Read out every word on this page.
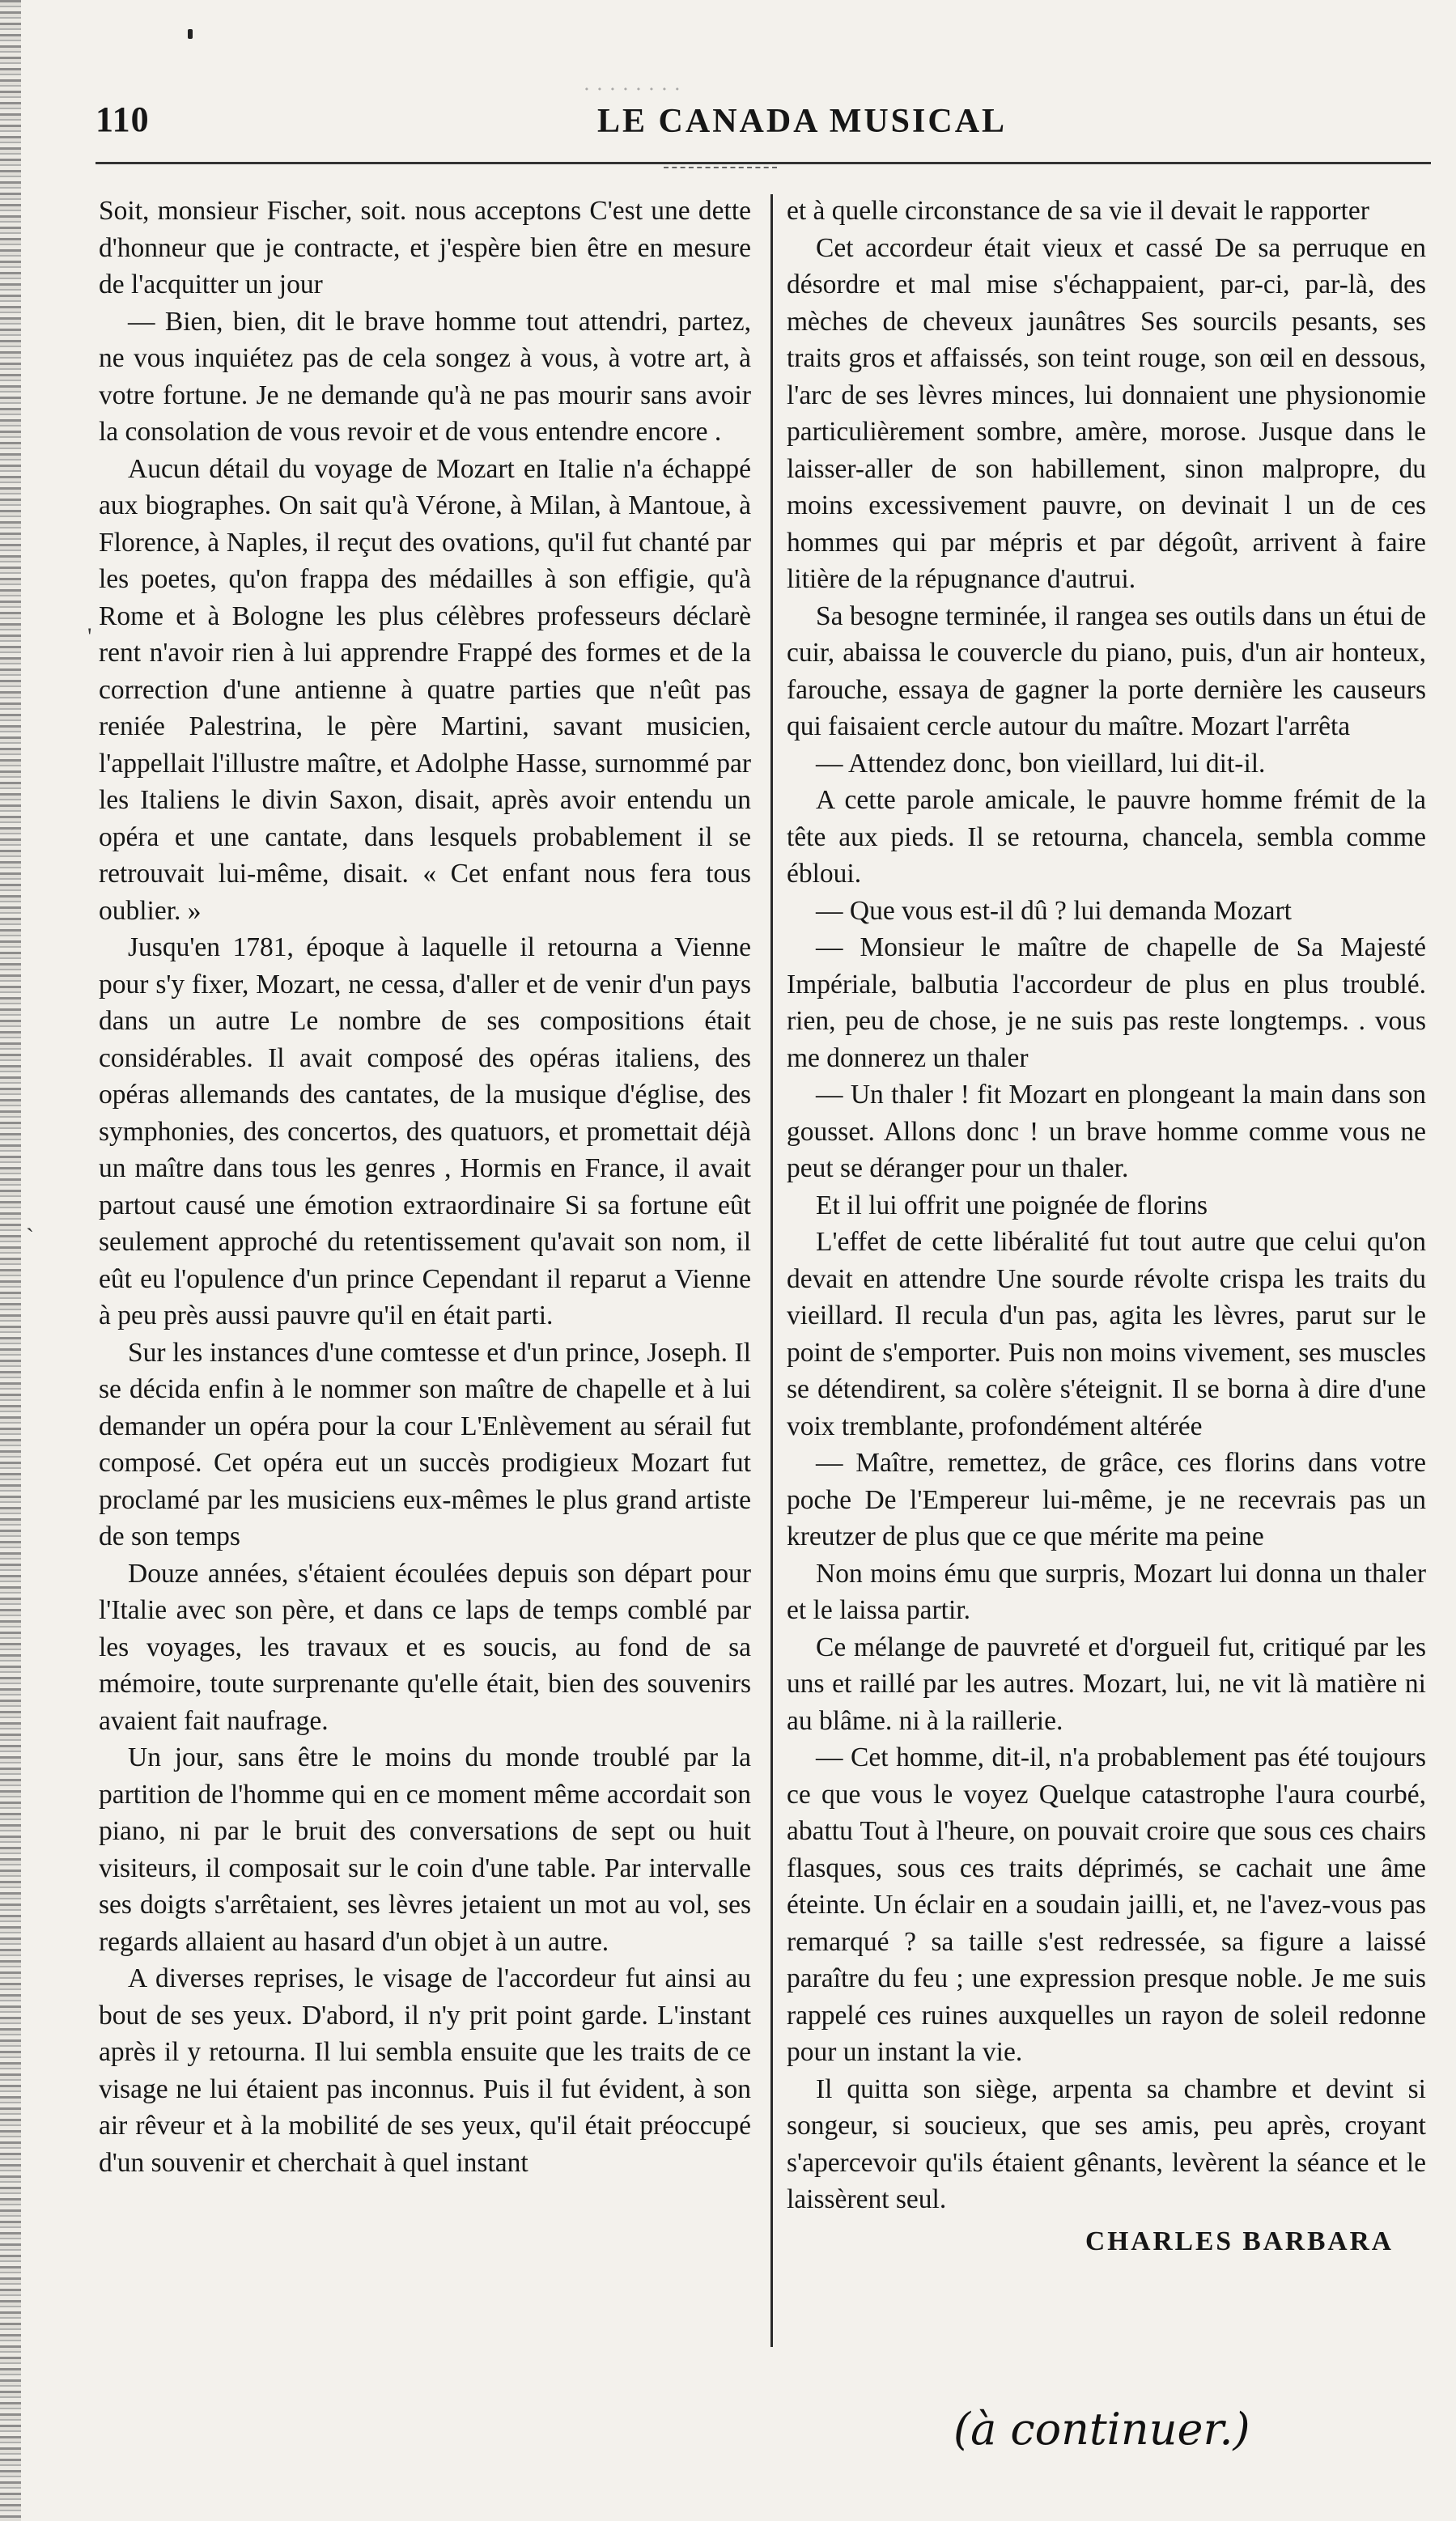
'
`
110
˙˙˙˙˙˙˙˙
LE CANADA MUSICAL

Soit, monsieur Fischer, soit. nous acceptons C'est une dette d'honneur que je contracte, et j'espère bien être en mesure de l'acquitter un jour

— Bien, bien, dit le brave homme tout attendri, partez, ne vous inquiétez pas de cela songez à vous, à votre art, à votre fortune. Je ne demande qu'à ne pas mourir sans avoir la consolation de vous revoir et de vous entendre encore .

Aucun détail du voyage de Mozart en Italie n'a échappé aux biographes. On sait qu'à Vérone, à Milan, à Mantoue, à Florence, à Naples, il reçut des ovations, qu'il fut chanté par les poetes, qu'on frappa des médailles à son effigie, qu'à Rome et à Bologne les plus célèbres professeurs déclarè rent n'avoir rien à lui apprendre Frappé des formes et de la correction d'une antienne à quatre parties que n'eût pas reniée Palestrina, le père Martini, savant musicien, l'appellait l'illustre maître, et Adolphe Hasse, surnommé par les Italiens le divin Saxon, disait, après avoir entendu un opéra et une cantate, dans lesquels probablement il se retrouvait lui-même, disait. « Cet enfant nous fera tous oublier. »

Jusqu'en 1781, époque à laquelle il retourna a Vienne pour s'y fixer, Mozart, ne cessa, d'aller et de venir d'un pays dans un autre Le nombre de ses compositions était considérables. Il avait composé des opéras italiens, des opéras allemands des cantates, de la musique d'église, des symphonies, des concertos, des quatuors, et promettait déjà un maître dans tous les genres , Hormis en France, il avait partout causé une émotion extraordinaire Si sa fortune eût seulement approché du retentissement qu'avait son nom, il eût eu l'opulence d'un prince Cependant il reparut a Vienne à peu près aussi pauvre qu'il en était parti.

Sur les instances d'une comtesse et d'un prince, Joseph. Il se décida enfin à le nommer son maître de chapelle et à lui demander un opéra pour la cour L'Enlèvement au sérail fut composé. Cet opéra eut un succès prodigieux Mozart fut proclamé par les musiciens eux-mêmes le plus grand artiste de son temps

Douze années, s'étaient écoulées depuis son départ pour l'Italie avec son père, et dans ce laps de temps comblé par les voyages, les travaux et es soucis, au fond de sa mémoire, toute surprenante qu'elle était, bien des souvenirs avaient fait naufrage.

Un jour, sans être le moins du monde troublé par la partition de l'homme qui en ce moment même accordait son piano, ni par le bruit des conversations de sept ou huit visiteurs, il composait sur le coin d'une table. Par intervalle ses doigts s'arrêtaient, ses lèvres jetaient un mot au vol, ses regards allaient au hasard d'un objet à un autre.

A diverses reprises, le visage de l'accordeur fut ainsi au bout de ses yeux. D'abord, il n'y prit point garde. L'instant après il y retourna. Il lui sembla ensuite que les traits de ce visage ne lui étaient pas inconnus. Puis il fut évident, à son air rêveur et à la mobilité de ses yeux, qu'il était préoccupé d'un souvenir et cherchait à quel instant

et à quelle circonstance de sa vie il devait le rapporter

Cet accordeur était vieux et cassé De sa perruque en désordre et mal mise s'échappaient, par-ci, par-là, des mèches de cheveux jaunâtres Ses sourcils pesants, ses traits gros et affaissés, son teint rouge, son œil en dessous, l'arc de ses lèvres minces, lui donnaient une physionomie particulièrement sombre, amère, morose. Jusque dans le laisser-aller de son habillement, sinon malpropre, du moins excessivement pauvre, on devinait l un de ces hommes qui par mépris et par dégoût, arrivent à faire litière de la répugnance d'autrui.

Sa besogne terminée, il rangea ses outils dans un étui de cuir, abaissa le couvercle du piano, puis, d'un air honteux, farouche, essaya de gagner la porte dernière les causeurs qui faisaient cercle autour du maître. Mozart l'arrêta

— Attendez donc, bon vieillard, lui dit-il.

A cette parole amicale, le pauvre homme frémit de la tête aux pieds. Il se retourna, chancela, sembla comme ébloui.

— Que vous est-il dû ? lui demanda Mozart

— Monsieur le maître de chapelle de Sa Majesté Impériale, balbutia l'accordeur de plus en plus troublé. rien, peu de chose, je ne suis pas reste longtemps. . vous me donnerez un thaler

— Un thaler ! fit Mozart en plongeant la main dans son gousset. Allons donc ! un brave homme comme vous ne peut se déranger pour un thaler.

Et il lui offrit une poignée de florins

L'effet de cette libéralité fut tout autre que celui qu'on devait en attendre Une sourde révolte crispa les traits du vieillard. Il recula d'un pas, agita les lèvres, parut sur le point de s'emporter. Puis non moins vivement, ses muscles se détendirent, sa colère s'éteignit. Il se borna à dire d'une voix tremblante, profondément altérée

— Maître, remettez, de grâce, ces florins dans votre poche De l'Empereur lui-même, je ne recevrais pas un kreutzer de plus que ce que mérite ma peine

Non moins ému que surpris, Mozart lui donna un thaler et le laissa partir.

Ce mélange de pauvreté et d'orgueil fut, critiqué par les uns et raillé par les autres. Mozart, lui, ne vit là matière ni au blâme. ni à la raillerie.

— Cet homme, dit-il, n'a probablement pas été toujours ce que vous le voyez Quelque catastrophe l'aura courbé, abattu Tout à l'heure, on pouvait croire que sous ces chairs flasques, sous ces traits déprimés, se cachait une âme éteinte. Un éclair en a soudain jailli, et, ne l'avez-vous pas remarqué ? sa taille s'est redressée, sa figure a laissé paraître du feu ; une expression presque noble. Je me suis rappelé ces ruines auxquelles un rayon de soleil redonne pour un instant la vie.

Il quitta son siège, arpenta sa chambre et devint si songeur, si soucieux, que ses amis, peu après, croyant s'apercevoir qu'ils étaient gênants, levèrent la séance et le laissèrent seul.

CHARLES BARBARA

(à continuer.)
